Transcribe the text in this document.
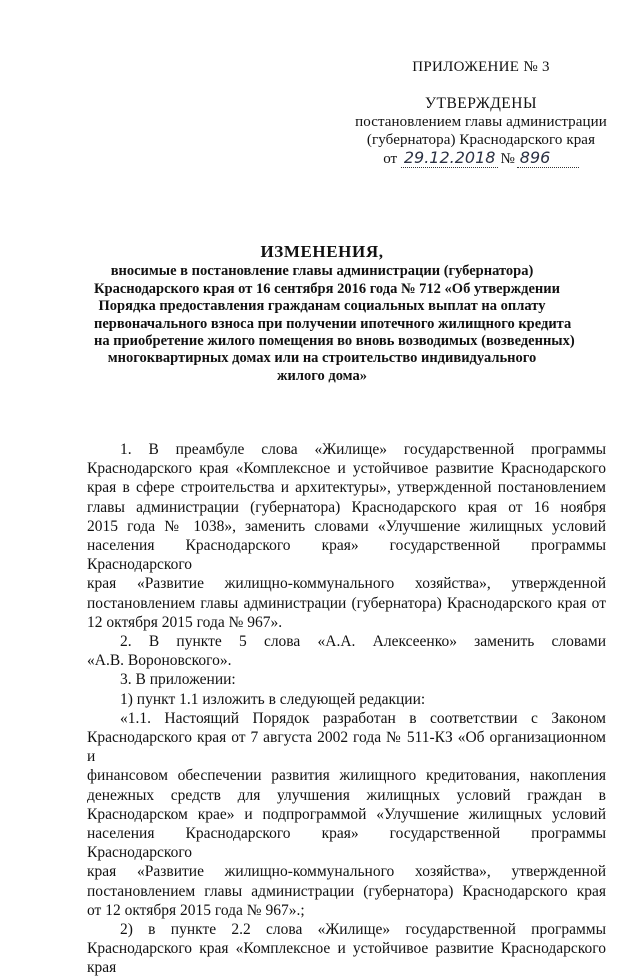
ПРИЛОЖЕНИЕ № 3
УТВЕРЖДЕНЫ
постановлением главы администрации
(губернатора) Краснодарского края
от 29.12.2018 № 896
ИЗМЕНЕНИЯ,
вносимые в постановление главы администрации (губернатора)
Краснодарского края от 16 сентября 2016 года № 712 «Об утверждении
Порядка предоставления гражданам социальных выплат на оплату
первоначального взноса при получении ипотечного жилищного кредита
на приобретение жилого помещения во вновь возводимых (возведенных)
многоквартирных домах или на строительство индивидуального
жилого дома»
1. В преамбуле слова «Жилище» государственной программы
Краснодарского края «Комплексное и устойчивое развитие Краснодарского
края в сфере строительства и архитектуры», утвержденной постановлением
главы администрации (губернатора) Краснодарского края от 16 ноября
2015 года № 1038», заменить словами «Улучшение жилищных условий
населения Краснодарского края» государственной программы Краснодарского
края «Развитие жилищно-коммунального хозяйства», утвержденной
постановлением главы администрации (губернатора) Краснодарского края от
12 октября 2015 года № 967».
2. В пункте 5 слова «А.А. Алексеенко» заменить словами
«А.В. Вороновского».
3. В приложении:
1) пункт 1.1 изложить в следующей редакции:
«1.1. Настоящий Порядок разработан в соответствии с Законом
Краснодарского края от 7 августа 2002 года № 511-КЗ «Об организационном и
финансовом обеспечении развития жилищного кредитования, накопления
денежных средств для улучшения жилищных условий граждан в
Краснодарском крае» и подпрограммой «Улучшение жилищных условий
населения Краснодарского края» государственной программы Краснодарского
края «Развитие жилищно-коммунального хозяйства», утвержденной
постановлением главы администрации (губернатора) Краснодарского края
от 12 октября 2015 года № 967».;
2) в пункте 2.2 слова «Жилище» государственной программы
Краснодарского края «Комплексное и устойчивое развитие Краснодарского края
